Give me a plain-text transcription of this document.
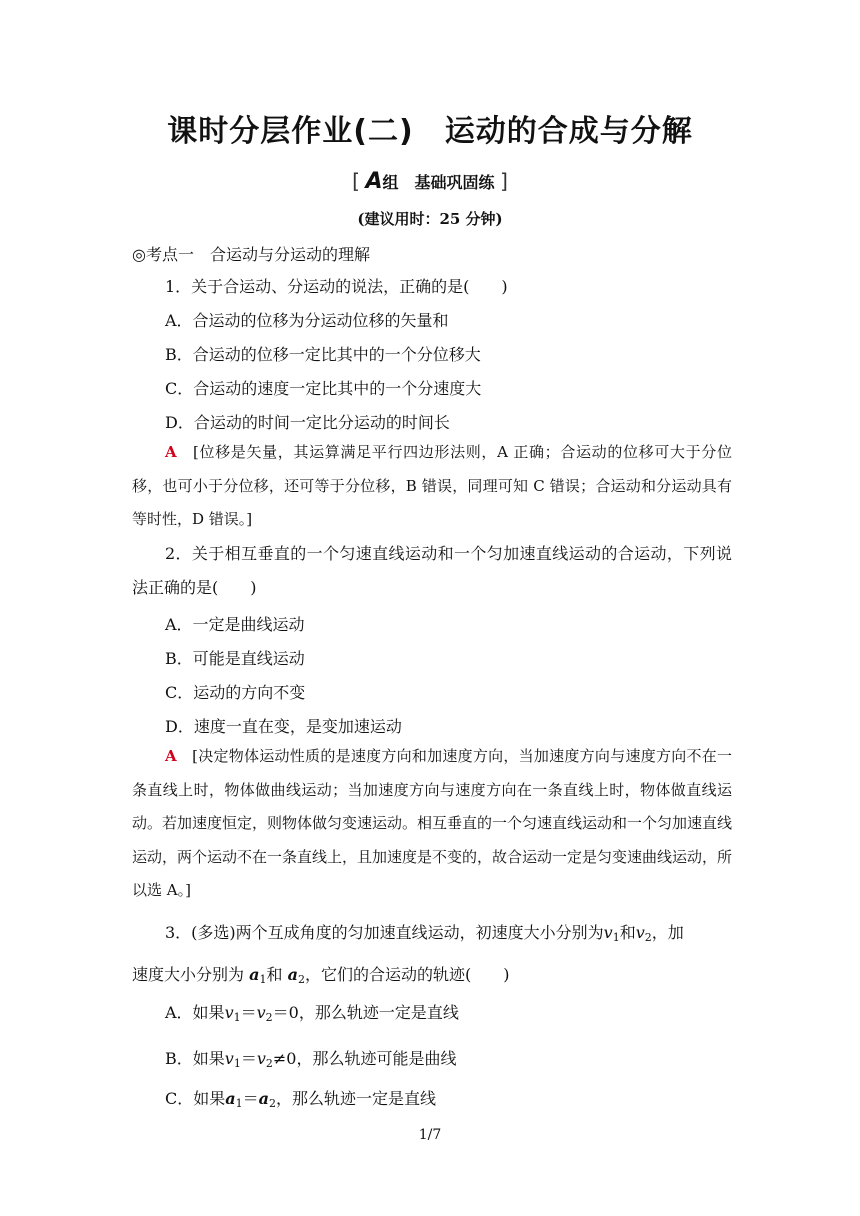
课时分层作业(二)　运动的合成与分解
[ A组　基础巩固练 ]
(建议用时：25 分钟)
◎考点一　合运动与分运动的理解
1．关于合运动、分运动的说法，正确的是(　　)
A．合运动的位移为分运动位移的矢量和
B．合运动的位移一定比其中的一个分位移大
C．合运动的速度一定比其中的一个分速度大
D．合运动的时间一定比分运动的时间长
A　 [位移是矢量，其运算满足平行四边形法则，A 正确；合运动的位移可大于分位移，也可小于分位移，还可等于分位移，B 错误，同理可知 C 错误；合运动和分运动具有等时性，D 错误。]
2．关于相互垂直的一个匀速直线运动和一个匀加速直线运动的合运动，下列说法正确的是(　　)
A．一定是曲线运动
B．可能是直线运动
C．运动的方向不变
D．速度一直在变，是变加速运动
A　 [决定物体运动性质的是速度方向和加速度方向，当加速度方向与速度方向不在一条直线上时，物体做曲线运动；当加速度方向与速度方向在一条直线上时，物体做直线运动。若加速度恒定，则物体做匀变速运动。相互垂直的一个匀速直线运动和一个匀加速直线运动，两个运动不在一条直线上，且加速度是不变的，故合运动一定是匀变速曲线运动，所以选 A。]
3．(多选)两个互成角度的匀加速直线运动，初速度大小分别为$v_1$和$v_2$，加
速度大小分别为 $a_1$和 $a_2$，它们的合运动的轨迹(　　)
A．如果$v_1=v_2=0$，那么轨迹一定是直线
B．如果$v_1=v_2\ne 0$，那么轨迹可能是曲线
C．如果$a_1=a_2$，那么轨迹一定是直线
1/7
